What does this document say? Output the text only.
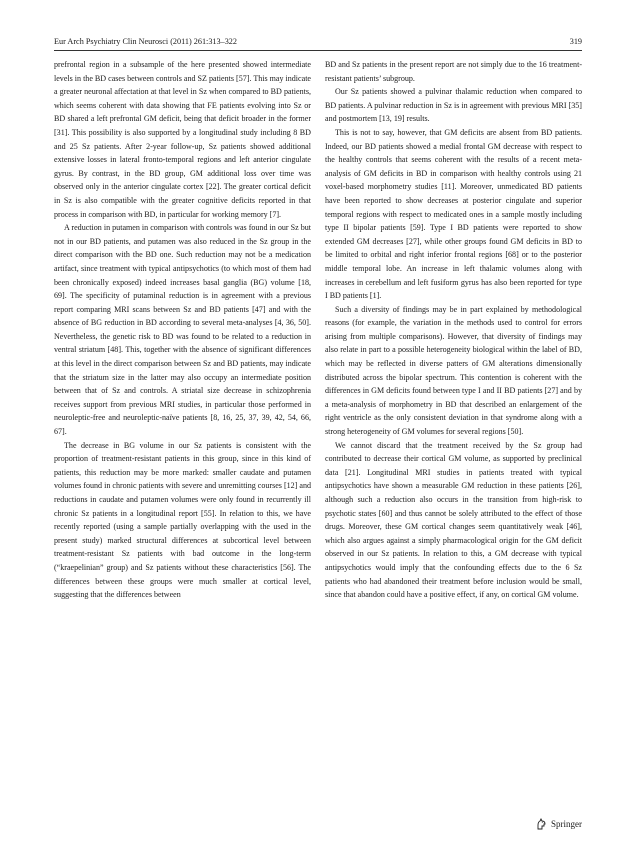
Eur Arch Psychiatry Clin Neurosci (2011) 261:313–322	319

prefrontal region in a subsample of the here presented showed intermediate levels in the BD cases between controls and SZ patients [57]. This may indicate a greater neuronal affectation at that level in Sz when compared to BD patients, which seems coherent with data showing that FE patients evolving into Sz or BD shared a left prefrontal GM deficit, being that deficit broader in the former [31]. This possibility is also supported by a longitudinal study including 8 BD and 25 Sz patients. After 2-year follow-up, Sz patients showed additional extensive losses in lateral fronto-temporal regions and left anterior cingulate gyrus. By contrast, in the BD group, GM additional loss over time was observed only in the anterior cingulate cortex [22]. The greater cortical deficit in Sz is also compatible with the greater cognitive deficits reported in that process in comparison with BD, in particular for working memory [7].

A reduction in putamen in comparison with controls was found in our Sz but not in our BD patients, and putamen was also reduced in the Sz group in the direct comparison with the BD one. Such reduction may not be a medication artifact, since treatment with typical antipsychotics (to which most of them had been chronically exposed) indeed increases basal ganglia (BG) volume [18, 69]. The specificity of putaminal reduction is in agreement with a previous report comparing MRI scans between Sz and BD patients [47] and with the absence of BG reduction in BD according to several meta-analyses [4, 36, 50]. Nevertheless, the genetic risk to BD was found to be related to a reduction in ventral striatum [48]. This, together with the absence of significant differences at this level in the direct comparison between Sz and BD patients, may indicate that the striatum size in the latter may also occupy an intermediate position between that of Sz and controls. A striatal size decrease in schizophrenia receives support from previous MRI studies, in particular those performed in neuroleptic-free and neuroleptic-naïve patients [8, 16, 25, 37, 39, 42, 54, 66, 67].

The decrease in BG volume in our Sz patients is consistent with the proportion of treatment-resistant patients in this group, since in this kind of patients, this reduction may be more marked: smaller caudate and putamen volumes found in chronic patients with severe and unremitting courses [12] and reductions in caudate and putamen volumes were only found in recurrently ill chronic Sz patients in a longitudinal report [55]. In relation to this, we have recently reported (using a sample partially overlapping with the used in the present study) marked structural differences at subcortical level between treatment-resistant Sz patients with bad outcome in the long-term (“kraepelinian” group) and Sz patients without these characteristics [56]. The differences between these groups were much smaller at cortical level, suggesting that the differences between

BD and Sz patients in the present report are not simply due to the 16 treatment-resistant patients’ subgroup.

Our Sz patients showed a pulvinar thalamic reduction when compared to BD patients. A pulvinar reduction in Sz is in agreement with previous MRI [35] and postmortem [13, 19] results.

This is not to say, however, that GM deficits are absent from BD patients. Indeed, our BD patients showed a medial frontal GM decrease with respect to the healthy controls that seems coherent with the results of a recent meta-analysis of GM deficits in BD in comparison with healthy controls using 21 voxel-based morphometry studies [11]. Moreover, unmedicated BD patients have been reported to show decreases at posterior cingulate and superior temporal regions with respect to medicated ones in a sample mostly including type II bipolar patients [59]. Type I BD patients were reported to show extended GM decreases [27], while other groups found GM deficits in BD to be limited to orbital and right inferior frontal regions [68] or to the posterior middle temporal lobe. An increase in left thalamic volumes along with increases in cerebellum and left fusiform gyrus has also been reported for type I BD patients [1].

Such a diversity of findings may be in part explained by methodological reasons (for example, the variation in the methods used to control for errors arising from multiple comparisons). However, that diversity of findings may also relate in part to a possible heterogeneity biological within the label of BD, which may be reflected in diverse patters of GM alterations dimensionally distributed across the bipolar spectrum. This contention is coherent with the differences in GM deficits found between type I and II BD patients [27] and by a meta-analysis of morphometry in BD that described an enlargement of the right ventricle as the only consistent deviation in that syndrome along with a strong heterogeneity of GM volumes for several regions [50].

We cannot discard that the treatment received by the Sz group had contributed to decrease their cortical GM volume, as supported by preclinical data [21]. Longitudinal MRI studies in patients treated with typical antipsychotics have shown a measurable GM reduction in these patients [26], although such a reduction also occurs in the transition from high-risk to psychotic states [60] and thus cannot be solely attributed to the effect of those drugs. Moreover, these GM cortical changes seem quantitatively weak [46], which also argues against a simply pharmacological origin for the GM deficit observed in our Sz patients. In relation to this, a GM decrease with typical antipsychotics would imply that the confounding effects due to the 6 Sz patients who had abandoned their treatment before inclusion would be small, since that abandon could have a positive effect, if any, on cortical GM volume.

Springer
